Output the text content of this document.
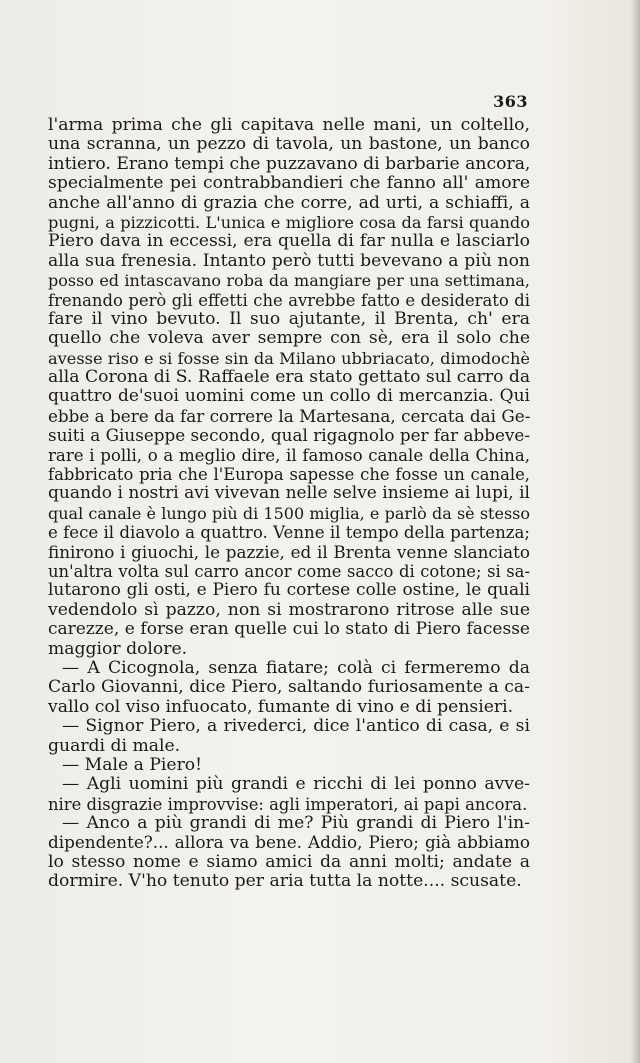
363
l'arma prima che gli capitava nelle mani, un coltello,
una scranna, un pezzo di tavola, un bastone, un banco
intiero. Erano tempi che puzzavano di barbarie ancora,
specialmente pei contrabbandieri che fanno all' amore
anche all'anno di grazia che corre, ad urti, a schiaffi, a
pugni, a pizzicotti. L'unica e migliore cosa da farsi quando
Piero dava in eccessi, era quella di far nulla e lasciarlo
alla sua frenesia. Intanto però tutti bevevano a più non
posso ed intascavano roba da mangiare per una settimana,
frenando però gli effetti che avrebbe fatto e desiderato di
fare il vino bevuto. Il suo ajutante, il Brenta, ch' era
quello che voleva aver sempre con sè, era il solo che
avesse riso e si fosse sin da Milano ubbriacato, dimodochè
alla Corona di S. Raffaele era stato gettato sul carro da
quattro de'suoi uomini come un collo di mercanzia. Qui
ebbe a bere da far correre la Martesana, cercata dai Ge-
suiti a Giuseppe secondo, qual rigagnolo per far abbeve-
rare i polli, o a meglio dire, il famoso canale della China,
fabbricato pria che l'Europa sapesse che fosse un canale,
quando i nostri avi vivevan nelle selve insieme ai lupi, il
qual canale è lungo più di 1500 miglia, e parlò da sè stesso
e fece il diavolo a quattro. Venne il tempo della partenza;
finirono i giuochi, le pazzie, ed il Brenta venne slanciato
un'altra volta sul carro ancor come sacco di cotone; si sa-
lutarono gli osti, e Piero fu cortese colle ostine, le quali
vedendolo sì pazzo, non si mostrarono ritrose alle sue
carezze, e forse eran quelle cui lo stato di Piero facesse
maggior dolore.
— A Cicognola, senza fiatare; colà ci fermeremo da
Carlo Giovanni, dice Piero, saltando furiosamente a ca-
vallo col viso infuocato, fumante di vino e di pensieri.
— Signor Piero, a rivederci, dice l'antico di casa, e si
guardi di male.
— Male a Piero!
— Agli uomini più grandi e ricchi di lei ponno avve-
nire disgrazie improvvise: agli imperatori, ai papi ancora.
— Anco a più grandi di me? Più grandi di Piero l'in-
dipendente?... allora va bene. Addio, Piero; già abbiamo
lo stesso nome e siamo amici da anni molti; andate a
dormire. V'ho tenuto per aria tutta la notte.... scusate.
